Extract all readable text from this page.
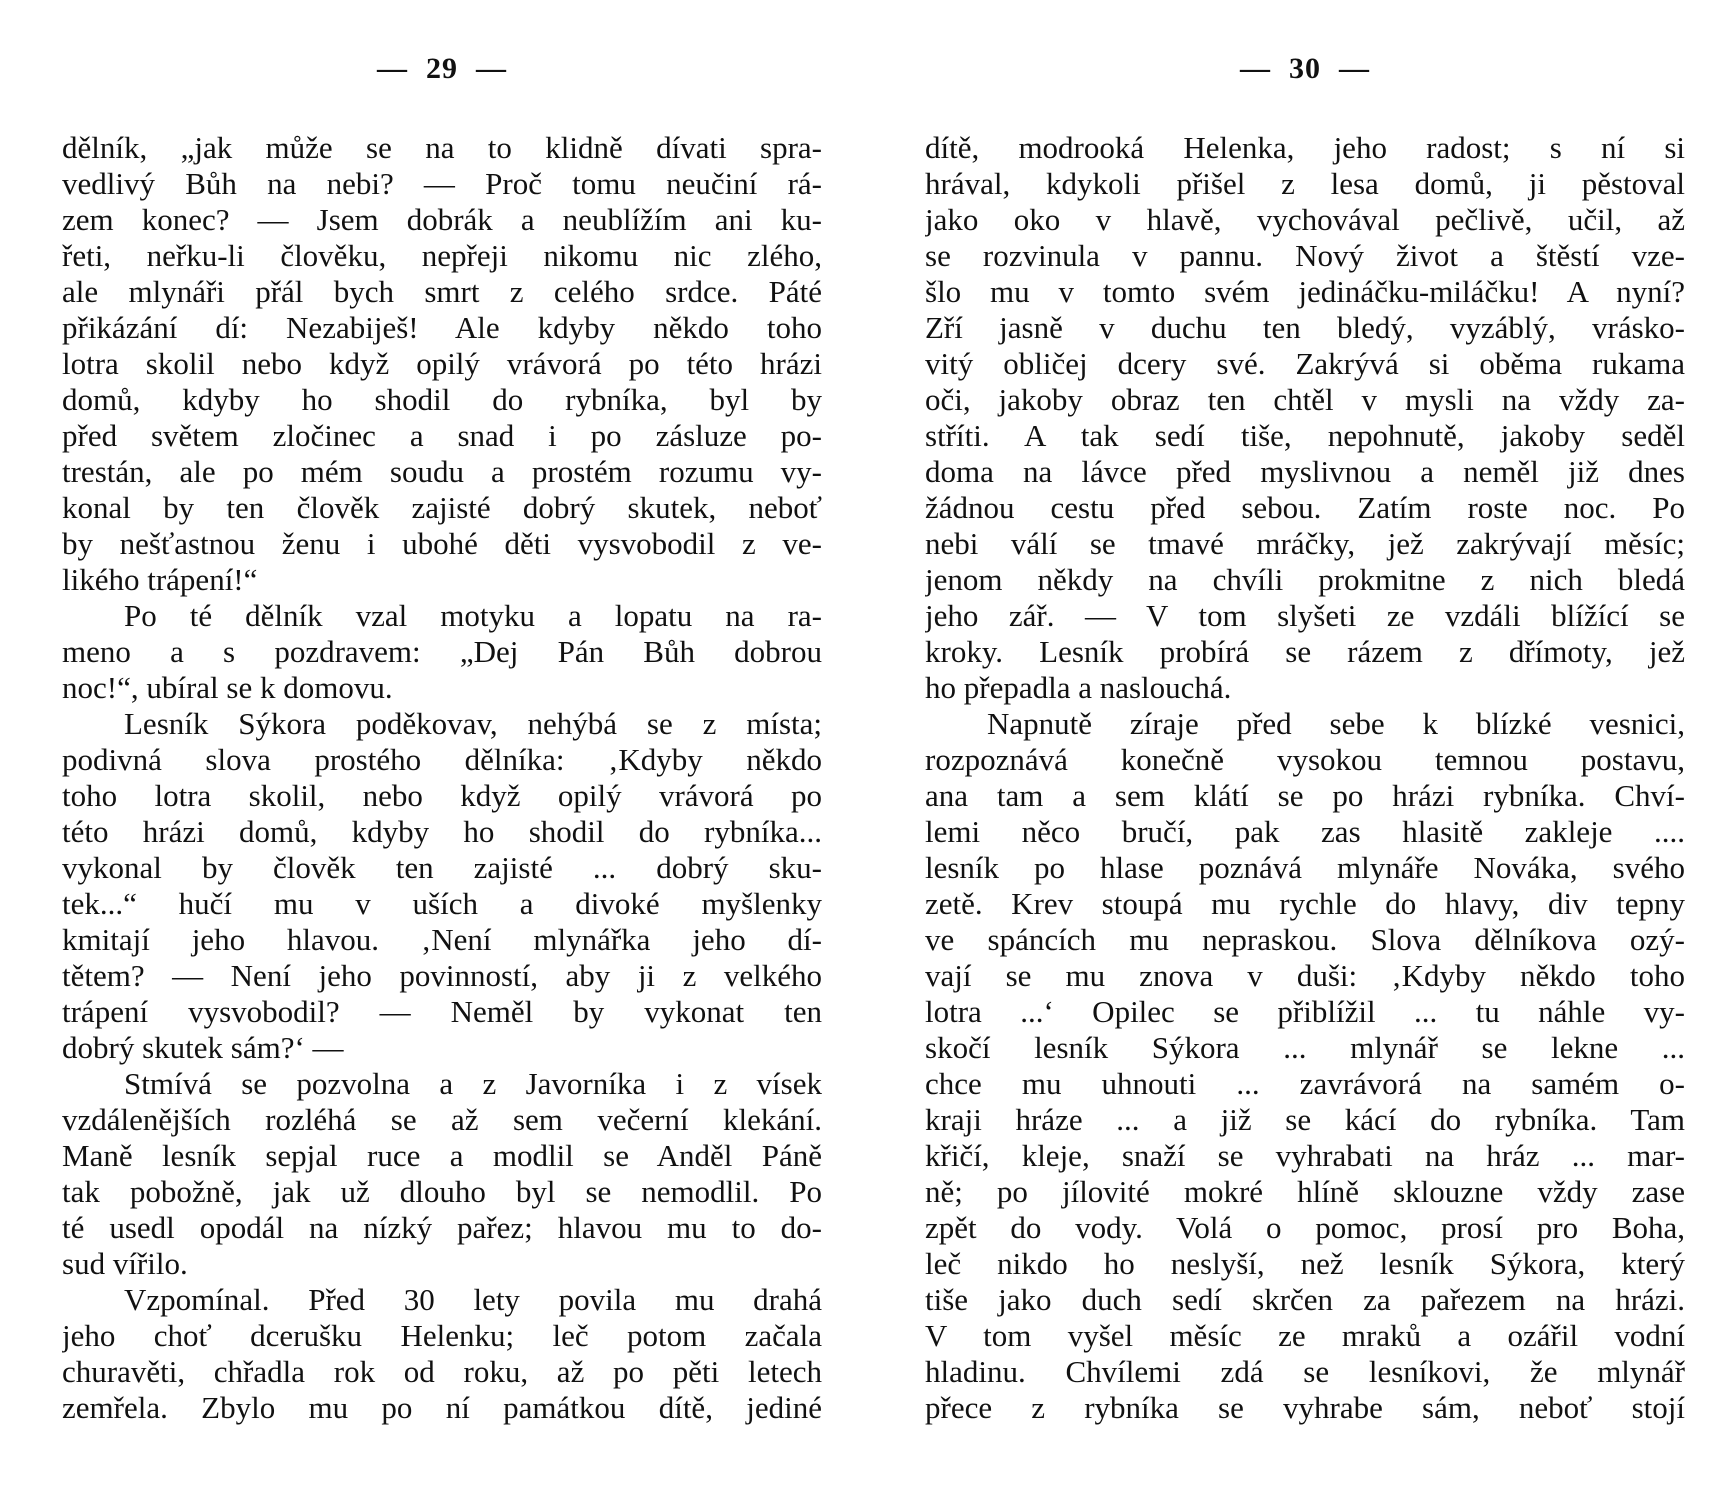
— 29 —
dělník, „jak může se na to klidně dívati spra-
vedlivý Bůh na nebi? — Proč tomu neučiní rá-
zem konec? — Jsem dobrák a neublížím ani ku-
řeti, neřku-li člověku, nepřeji nikomu nic zlého,
ale mlynáři přál bych smrt z celého srdce. Páté
přikázání dí: Nezabiješ! Ale kdyby někdo toho
lotra skolil nebo když opilý vrávorá po této hrázi
domů, kdyby ho shodil do rybníka, byl by
před světem zločinec a snad i po zásluze po-
trestán, ale po mém soudu a prostém rozumu vy-
konal by ten člověk zajisté dobrý skutek, neboť
by nešťastnou ženu i ubohé děti vysvobodil z ve-
likého trápení!“
Po té dělník vzal motyku a lopatu na ra-
meno a s pozdravem: „Dej Pán Bůh dobrou
noc!“, ubíral se k domovu.
Lesník Sýkora poděkovav, nehýbá se z místa;
podivná slova prostého dělníka: ‚Kdyby někdo
toho lotra skolil, nebo když opilý vrávorá po
této hrázi domů, kdyby ho shodil do rybníka...
vykonal by člověk ten zajisté ... dobrý sku-
tek...“ hučí mu v uších a divoké myšlenky
kmitají jeho hlavou. ‚Není mlynářka jeho dí-
tětem? — Není jeho povinností, aby ji z velkého
trápení vysvobodil? — Neměl by vykonat ten
dobrý skutek sám?‘ —
Stmívá se pozvolna a z Javorníka i z vísek
vzdálenějších rozléhá se až sem večerní klekání.
Maně lesník sepjal ruce a modlil se Anděl Páně
tak pobožně, jak už dlouho byl se nemodlil. Po
té usedl opodál na nízký pařez; hlavou mu to do-
sud vířilo.
Vzpomínal. Před 30 lety povila mu drahá
jeho choť dcerušku Helenku; leč potom začala
churavěti, chřadla rok od roku, až po pěti letech
zemřela. Zbylo mu po ní památkou dítě, jediné
— 30 —
dítě, modrooká Helenka, jeho radost; s ní si
hrával, kdykoli přišel z lesa domů, ji pěstoval
jako oko v hlavě, vychovával pečlivě, učil, až
se rozvinula v pannu. Nový život a štěstí vze-
šlo mu v tomto svém jedináčku-miláčku! A nyní?
Zří jasně v duchu ten bledý, vyzáblý, vrásko-
vitý obličej dcery své. Zakrývá si oběma rukama
oči, jakoby obraz ten chtěl v mysli na vždy za-
stříti. A tak sedí tiše, nepohnutě, jakoby seděl
doma na lávce před myslivnou a neměl již dnes
žádnou cestu před sebou. Zatím roste noc. Po
nebi válí se tmavé mráčky, jež zakrývají měsíc;
jenom někdy na chvíli prokmitne z nich bledá
jeho zář. — V tom slyšeti ze vzdáli blížící se
kroky. Lesník probírá se rázem z dřímoty, jež
ho přepadla a naslouchá.
Napnutě zíraje před sebe k blízké vesnici,
rozpoznává konečně vysokou temnou postavu,
ana tam a sem klátí se po hrázi rybníka. Chví-
lemi něco bručí, pak zas hlasitě zakleje ....
lesník po hlase poznává mlynáře Nováka, svého
zetě. Krev stoupá mu rychle do hlavy, div tepny
ve spáncích mu nepraskou. Slova dělníkova ozý-
vají se mu znova v duši: ‚Kdyby někdo toho
lotra ...‘ Opilec se přiblížil ... tu náhle vy-
skočí lesník Sýkora ... mlynář se lekne ...
chce mu uhnouti ... zavrávorá na samém o-
kraji hráze ... a již se kácí do rybníka. Tam
křičí, kleje, snaží se vyhrabati na hráz ... mar-
ně; po jílovité mokré hlíně sklouzne vždy zase
zpět do vody. Volá o pomoc, prosí pro Boha,
leč nikdo ho neslyší, než lesník Sýkora, který
tiše jako duch sedí skrčen za pařezem na hrázi.
V tom vyšel měsíc ze mraků a ozářil vodní
hladinu. Chvílemi zdá se lesníkovi, že mlynář
přece z rybníka se vyhrabe sám, neboť stojí
